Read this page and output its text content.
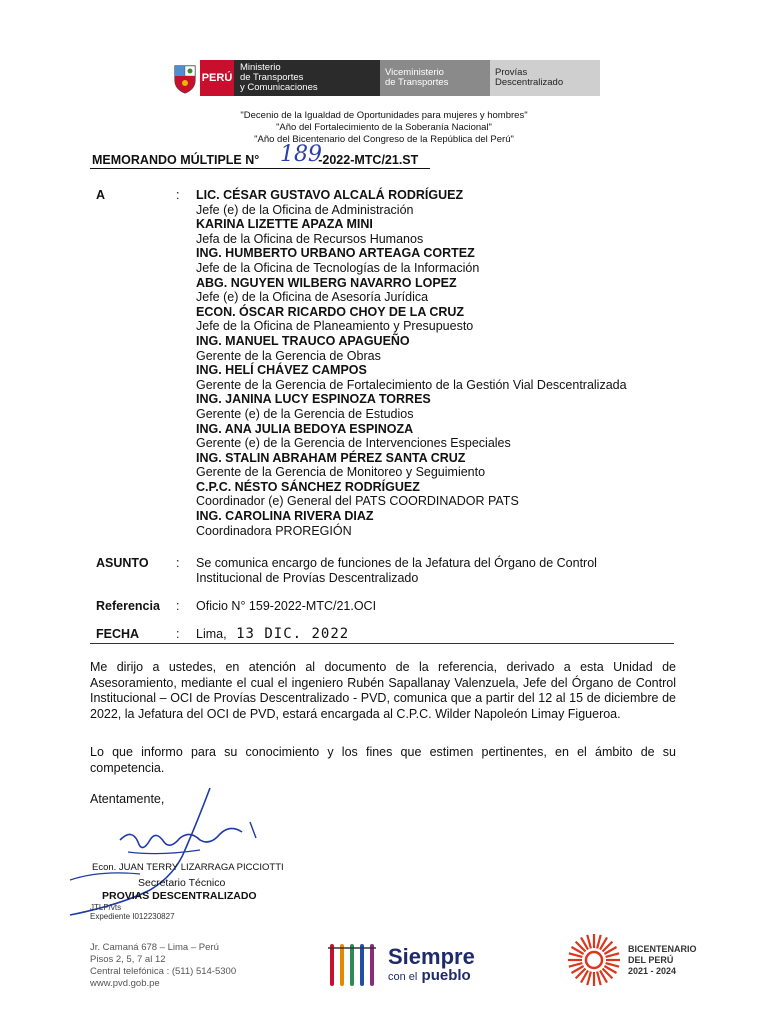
PERÚ
Ministerio
de Transportes
y Comunicaciones
Viceministerio
de Transportes
Provías
Descentralizado
"Decenio de la Igualdad de Oportunidades para mujeres y hombres"
"Año del Fortalecimiento de la Soberanía Nacional"
"Año del Bicentenario del Congreso de la República del Perú"
MEMORANDO MÚLTIPLE N°	-2022-MTC/21.ST
189
A	: LIC. CÉSAR GUSTAVO ALCALÁ RODRÍGUEZ
Jefe (e) de la Oficina de Administración
KARINA LIZETTE APAZA MINI
Jefa de la Oficina de Recursos Humanos
ING. HUMBERTO URBANO ARTEAGA CORTEZ
Jefe de la Oficina de Tecnologías de la Información
ABG. NGUYEN WILBERG NAVARRO LOPEZ
Jefe (e) de la Oficina de Asesoría Jurídica
ECON. ÓSCAR RICARDO CHOY DE LA CRUZ
Jefe de la Oficina de Planeamiento y Presupuesto
ING. MANUEL TRAUCO APAGUEÑO
Gerente de la Gerencia de Obras
ING. HELÍ CHÁVEZ CAMPOS
Gerente de la Gerencia de Fortalecimiento de la Gestión Vial Descentralizada
ING. JANINA LUCY ESPINOZA TORRES
Gerente (e) de la Gerencia de Estudios
ING. ANA JULIA BEDOYA ESPINOZA
Gerente (e) de la Gerencia de Intervenciones Especiales
ING. STALIN ABRAHAM PÉREZ SANTA CRUZ
Gerente de la Gerencia de Monitoreo y Seguimiento
C.P.C. NÉSTO SÁNCHEZ RODRÍGUEZ
Coordinador (e) General del PATS COORDINADOR PATS
ING. CAROLINA RIVERA DIAZ
Coordinadora PROREGIÓN
ASUNTO : Se comunica encargo de funciones de la Jefatura del Órgano de Control
Institucional de Provías Descentralizado
Referencia : Oficio N° 159-2022-MTC/21.OCI
FECHA	: Lima, 13 DIC. 2022
Me dirijo a ustedes, en atención al documento de la referencia, derivado a esta Unidad de Asesoramiento, mediante el cual el ingeniero Rubén Sapallanay Valenzuela, Jefe del Órgano de Control Institucional – OCI de Provías Descentralizado - PVD, comunica que a partir del 12 al 15 de diciembre de 2022, la Jefatura del OCI de PVD, estará encargada al C.P.C. Wilder Napoleón Limay Figueroa.
Lo que informo para su conocimiento y los fines que estimen pertinentes, en el ámbito de su competencia.
Atentamente,
Econ. JUAN TERRY LIZARRAGA PICCIOTTI
Secretario Técnico
PROVIAS DESCENTRALIZADO
JTLP/vts
Expediente I012230827
Jr. Camaná 678 – Lima – Perú
Pisos 2, 5, 7 al 12
Central telefónica : (511) 514-5300
www.pvd.gob.pe
Siempre
con el pueblo
BICENTENARIO
DEL PERÚ
2021 - 2024
